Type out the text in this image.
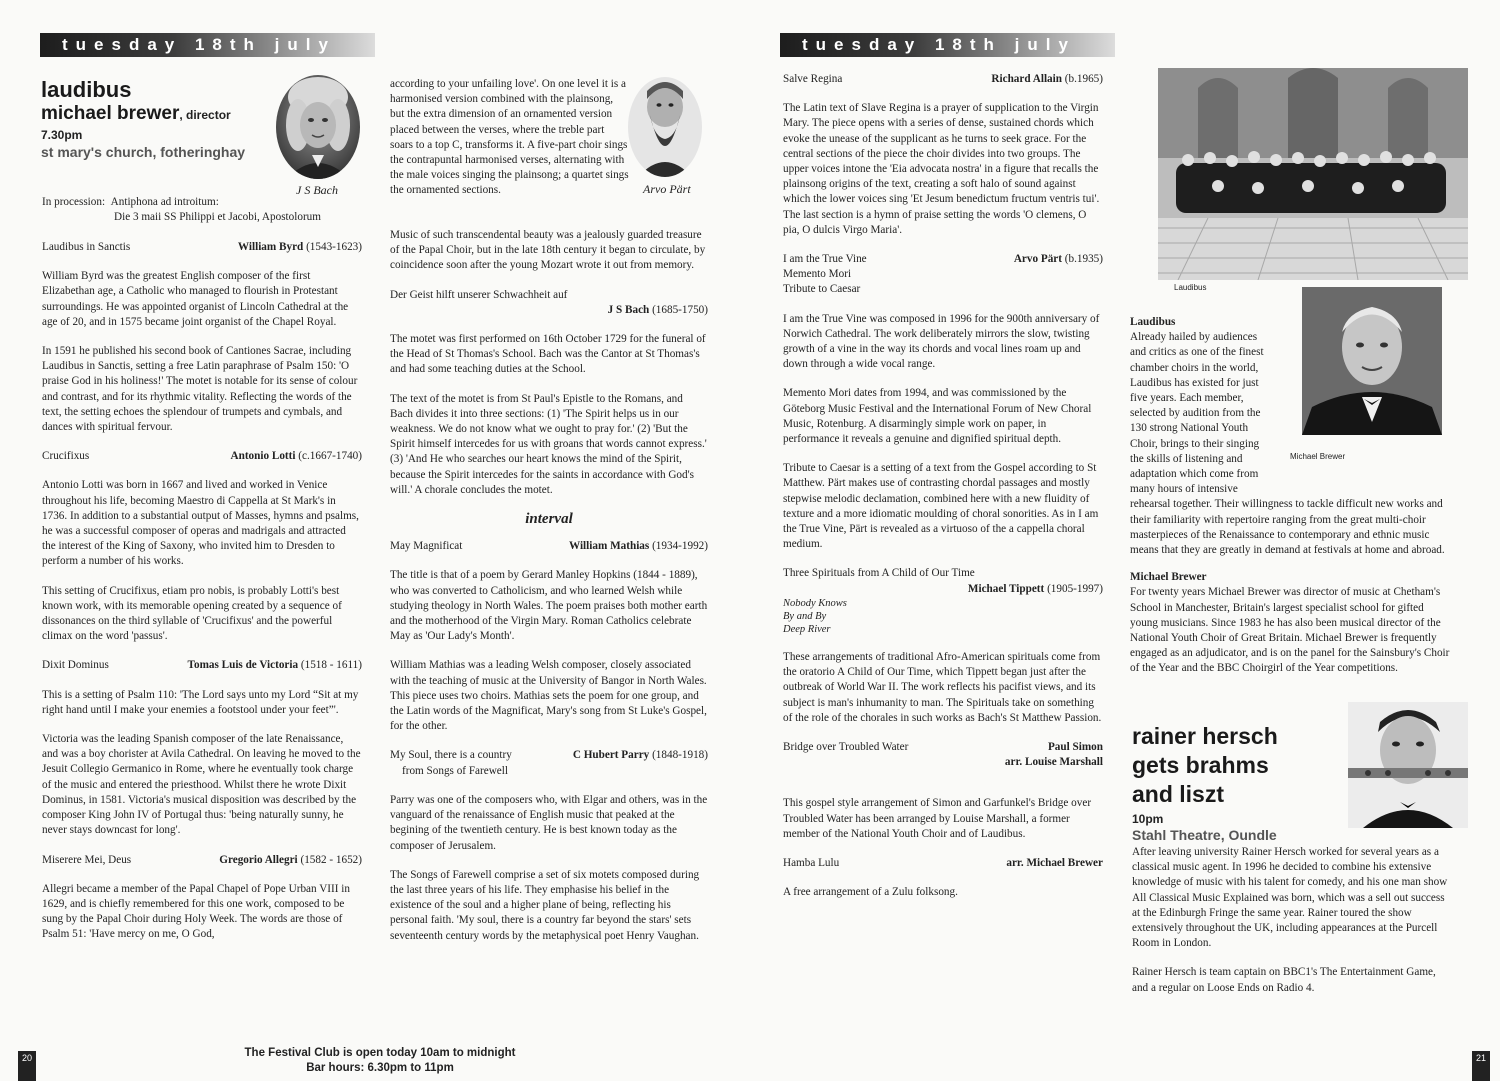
tuesday 18th july
laudibus
michael brewer, director
7.30pm
st mary's church, fotheringhay
J S Bach
In procession: Antiphona ad introitum:
Die 3 maii SS Philippi et Jacobi, Apostolorum
Laudibus in Sanctis	William Byrd (1543-1623)

William Byrd was the greatest English composer of the first Elizabethan age, a Catholic who managed to flourish in Protestant surroundings. He was appointed organist of Lincoln Cathedral at the age of 20, and in 1575 became joint organist of the Chapel Royal.

In 1591 he published his second book of Cantiones Sacrae, including Laudibus in Sanctis, setting a free Latin paraphrase of Psalm 150: 'O praise God in his holiness!' The motet is notable for its sense of colour and contrast, and for its rhythmic vitality. Reflecting the words of the text, the setting echoes the splendour of trumpets and cymbals, and dances with spiritual fervour.

Crucifixus	Antonio Lotti (c.1667-1740)

Antonio Lotti was born in 1667 and lived and worked in Venice throughout his life, becoming Maestro di Cappella at St Mark's in 1736. In addition to a substantial output of Masses, hymns and psalms, he was a successful composer of operas and madrigals and attracted the interest of the King of Saxony, who invited him to Dresden to perform a number of his works.

This setting of Crucifixus, etiam pro nobis, is probably Lotti's best known work, with its memorable opening created by a sequence of dissonances on the third syllable of 'Crucifixus' and the powerful climax on the word 'passus'.

Dixit Dominus	Tomas Luis de Victoria (1518 - 1611)

This is a setting of Psalm 110: 'The Lord says unto my Lord “Sit at my right hand until I make your enemies a footstool under your feet”'.

Victoria was the leading Spanish composer of the late Renaissance, and was a boy chorister at Avila Cathedral. On leaving he moved to the Jesuit Collegio Germanico in Rome, where he eventually took charge of the music and entered the priesthood. Whilst there he wrote Dixit Dominus, in 1581. Victoria's musical disposition was described by the composer King John IV of Portugal thus: 'being naturally sunny, he never stays downcast for long'.

Miserere Mei, Deus	Gregorio Allegri (1582 - 1652)

Allegri became a member of the Papal Chapel of Pope Urban VIII in 1629, and is chiefly remembered for this one work, composed to be sung by the Papal Choir during Holy Week. The words are those of Psalm 51: 'Have mercy on me, O God,

according to your unfailing love'. On one level it is a harmonised version combined with the plainsong, but the extra dimension of an ornamented version placed between the verses, where the treble part soars to a top C, transforms it. A five-part choir sings the contrapuntal harmonised verses, alternating with the male voices singing the plainsong; a quartet sings the ornamented sections.	Arvo Pärt

Music of such transcendental beauty was a jealously guarded treasure of the Papal Choir, but in the late 18th century it began to circulate, by coincidence soon after the young Mozart wrote it out from memory.

Der Geist hilft unserer Schwachheit auf
J S Bach (1685-1750)

The motet was first performed on 16th October 1729 for the funeral of the Head of St Thomas's School. Bach was the Cantor at St Thomas's and had some teaching duties at the School.

The text of the motet is from St Paul's Epistle to the Romans, and Bach divides it into three sections: (1) 'The Spirit helps us in our weakness. We do not know what we ought to pray for.' (2) 'But the Spirit himself intercedes for us with groans that words cannot express.' (3) 'And He who searches our heart knows the mind of the Spirit, because the Spirit intercedes for the saints in accordance with God's will.' A chorale concludes the motet.

interval
May Magnificat	William Mathias (1934-1992)

The title is that of a poem by Gerard Manley Hopkins (1844 - 1889), who was converted to Catholicism, and who learned Welsh while studying theology in North Wales. The poem praises both mother earth and the motherhood of the Virgin Mary. Roman Catholics celebrate May as 'Our Lady's Month'.

William Mathias was a leading Welsh composer, closely associated with the teaching of music at the University of Bangor in North Wales. This piece uses two choirs. Mathias sets the poem for one group, and the Latin words of the Magnificat, Mary's song from St Luke's Gospel, for the other.

My Soul, there is a country	C Hubert Parry (1848-1918)
from Songs of Farewell

Parry was one of the composers who, with Elgar and others, was in the vanguard of the renaissance of English music that peaked at the begining of the twentieth century. He is best known today as the composer of Jerusalem.

The Songs of Farewell comprise a set of six motets composed during the last three years of his life. They emphasise his belief in the existence of the soul and a higher plane of being, reflecting his personal faith. 'My soul, there is a country far beyond the stars' sets seventeenth century words by the metaphysical poet Henry Vaughan.

20	The Festival Club is open today 10am to midnight
Bar hours: 6.30pm to 11pm
tuesday 18th july
Salve Regina	Richard Allain (b.1965)

The Latin text of Slave Regina is a prayer of supplication to the Virgin Mary. The piece opens with a series of dense, sustained chords which evoke the unease of the supplicant as he turns to seek grace. For the central sections of the piece the choir divides into two groups. The upper voices intone the 'Eia advocata nostra' in a figure that recalls the plainsong origins of the text, creating a soft halo of sound against which the lower voices sing 'Et Jesum benedictum fructum ventris tui'. The last section is a hymn of praise setting the words 'O clemens, O pia, O dulcis Virgo Maria'.

I am the True Vine	Arvo Pärt (b.1935)
Memento Mori
Tribute to Caesar

I am the True Vine was composed in 1996 for the 900th anniversary of Norwich Cathedral. The work deliberately mirrors the slow, twisting growth of a vine in the way its chords and vocal lines roam up and down through a wide vocal range.

Memento Mori dates from 1994, and was commissioned by the Göteborg Music Festival and the International Forum of New Choral Music, Rotenburg. A disarmingly simple work on paper, in performance it reveals a genuine and dignified spiritual depth.

Tribute to Caesar is a setting of a text from the Gospel according to St Matthew. Pärt makes use of contrasting chordal passages and mostly stepwise melodic declamation, combined here with a new fluidity of texture and a more idiomatic moulding of choral sonorities. As in I am the True Vine, Pärt is revealed as a virtuoso of the a cappella choral medium.

Three Spirituals from A Child of Our Time
Michael Tippett (1905-1997)
Nobody Knows
By and By
Deep River

These arrangements of traditional Afro-American spirituals come from the oratorio A Child of Our Time, which Tippett began just after the outbreak of World War II. The work reflects his pacifist views, and its subject is man's inhumanity to man. The Spirituals take on something of the role of the chorales in such works as Bach's St Matthew Passion.

Bridge over Troubled Water	Paul Simon
arr. Louise Marshall

This gospel style arrangement of Simon and Garfunkel's Bridge over Troubled Water has been arranged by Louise Marshall, a former member of the National Youth Choir and of Laudibus.

Hamba Lulu	arr. Michael Brewer

A free arrangement of a Zulu folksong.

Laudibus
Michael Brewer
Laudibus

Already hailed by audiences and critics as one of the finest chamber choirs in the world, Laudibus has existed for just five years. Each member, selected by audition from the 130 strong National Youth Choir, brings to their singing the skills of listening and adaptation which come from many hours of intensive rehearsal together. Their willingness to tackle difficult new works and their familiarity with repertoire ranging from the great multi-choir masterpieces of the Renaissance to contemporary and ethnic music means that they are greatly in demand at festivals at home and abroad.

Michael Brewer

For twenty years Michael Brewer was director of music at Chetham's School in Manchester, Britain's largest specialist school for gifted young musicians. Since 1983 he has also been musical director of the National Youth Choir of Great Britain. Michael Brewer is frequently engaged as an adjudicator, and is on the panel for the Sainsbury's Choir of the Year and the BBC Choirgirl of the Year competitions.

rainer hersch
gets brahms
and liszt
10pm
Stahl Theatre, Oundle

After leaving university Rainer Hersch worked for several years as a classical music agent. In 1996 he decided to combine his extensive knowledge of music with his talent for comedy, and his one man show All Classical Music Explained was born, which was a sell out success at the Edinburgh Fringe the same year. Rainer toured the show extensively throughout the UK, including appearances at the Purcell Room in London.

Rainer Hersch is team captain on BBC1's The Entertainment Game, and a regular on Loose Ends on Radio 4.

21
